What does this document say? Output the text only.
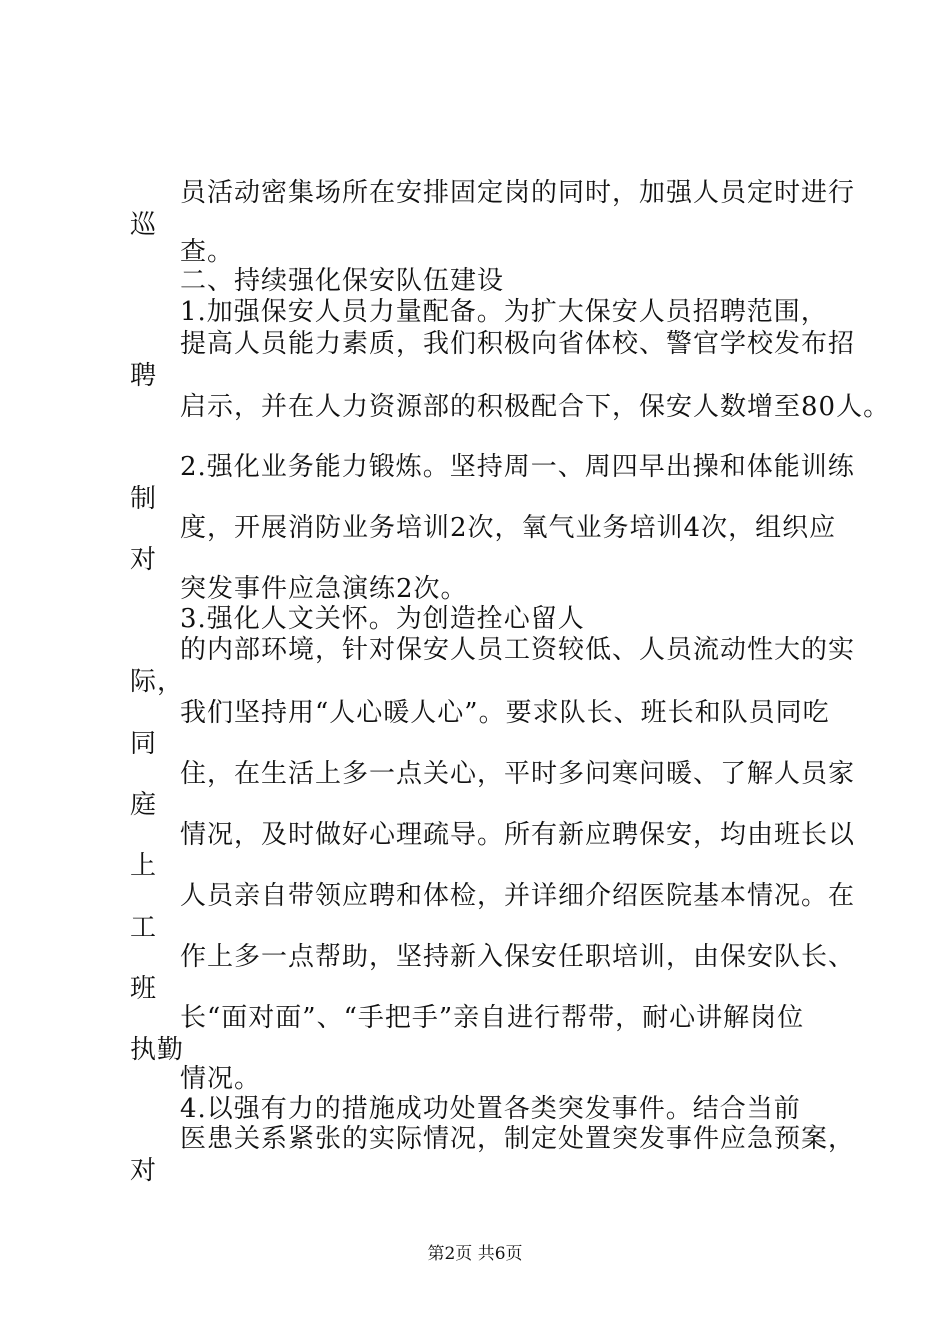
员活动密集场所在安排固定岗的同时，加强人员定时进行
巡
查。
二、持续强化保安队伍建设
1.加强保安人员力量配备。为扩大保安人员招聘范围，
提高人员能力素质，我们积极向省体校、警官学校发布招
聘
启示，并在人力资源部的积极配合下，保安人数增至80人。
2.强化业务能力锻炼。坚持周一、周四早出操和体能训练
制
度，开展消防业务培训2次，氧气业务培训4次，组织应
对
突发事件应急演练2次。
3.强化人文关怀。为创造拴心留人
的内部环境，针对保安人员工资较低、人员流动性大的实
际，
我们坚持用“人心暖人心”。要求队长、班长和队员同吃
同
住，在生活上多一点关心，平时多问寒问暖、了解人员家
庭
情况，及时做好心理疏导。所有新应聘保安，均由班长以
上
人员亲自带领应聘和体检，并详细介绍医院基本情况。在
工
作上多一点帮助，坚持新入保安任职培训，由保安队长、
班
长“面对面”、“手把手”亲自进行帮带，耐心讲解岗位
执勤
情况。
4.以强有力的措施成功处置各类突发事件。结合当前
医患关系紧张的实际情况，制定处置突发事件应急预案，
对
第2页 共6页
